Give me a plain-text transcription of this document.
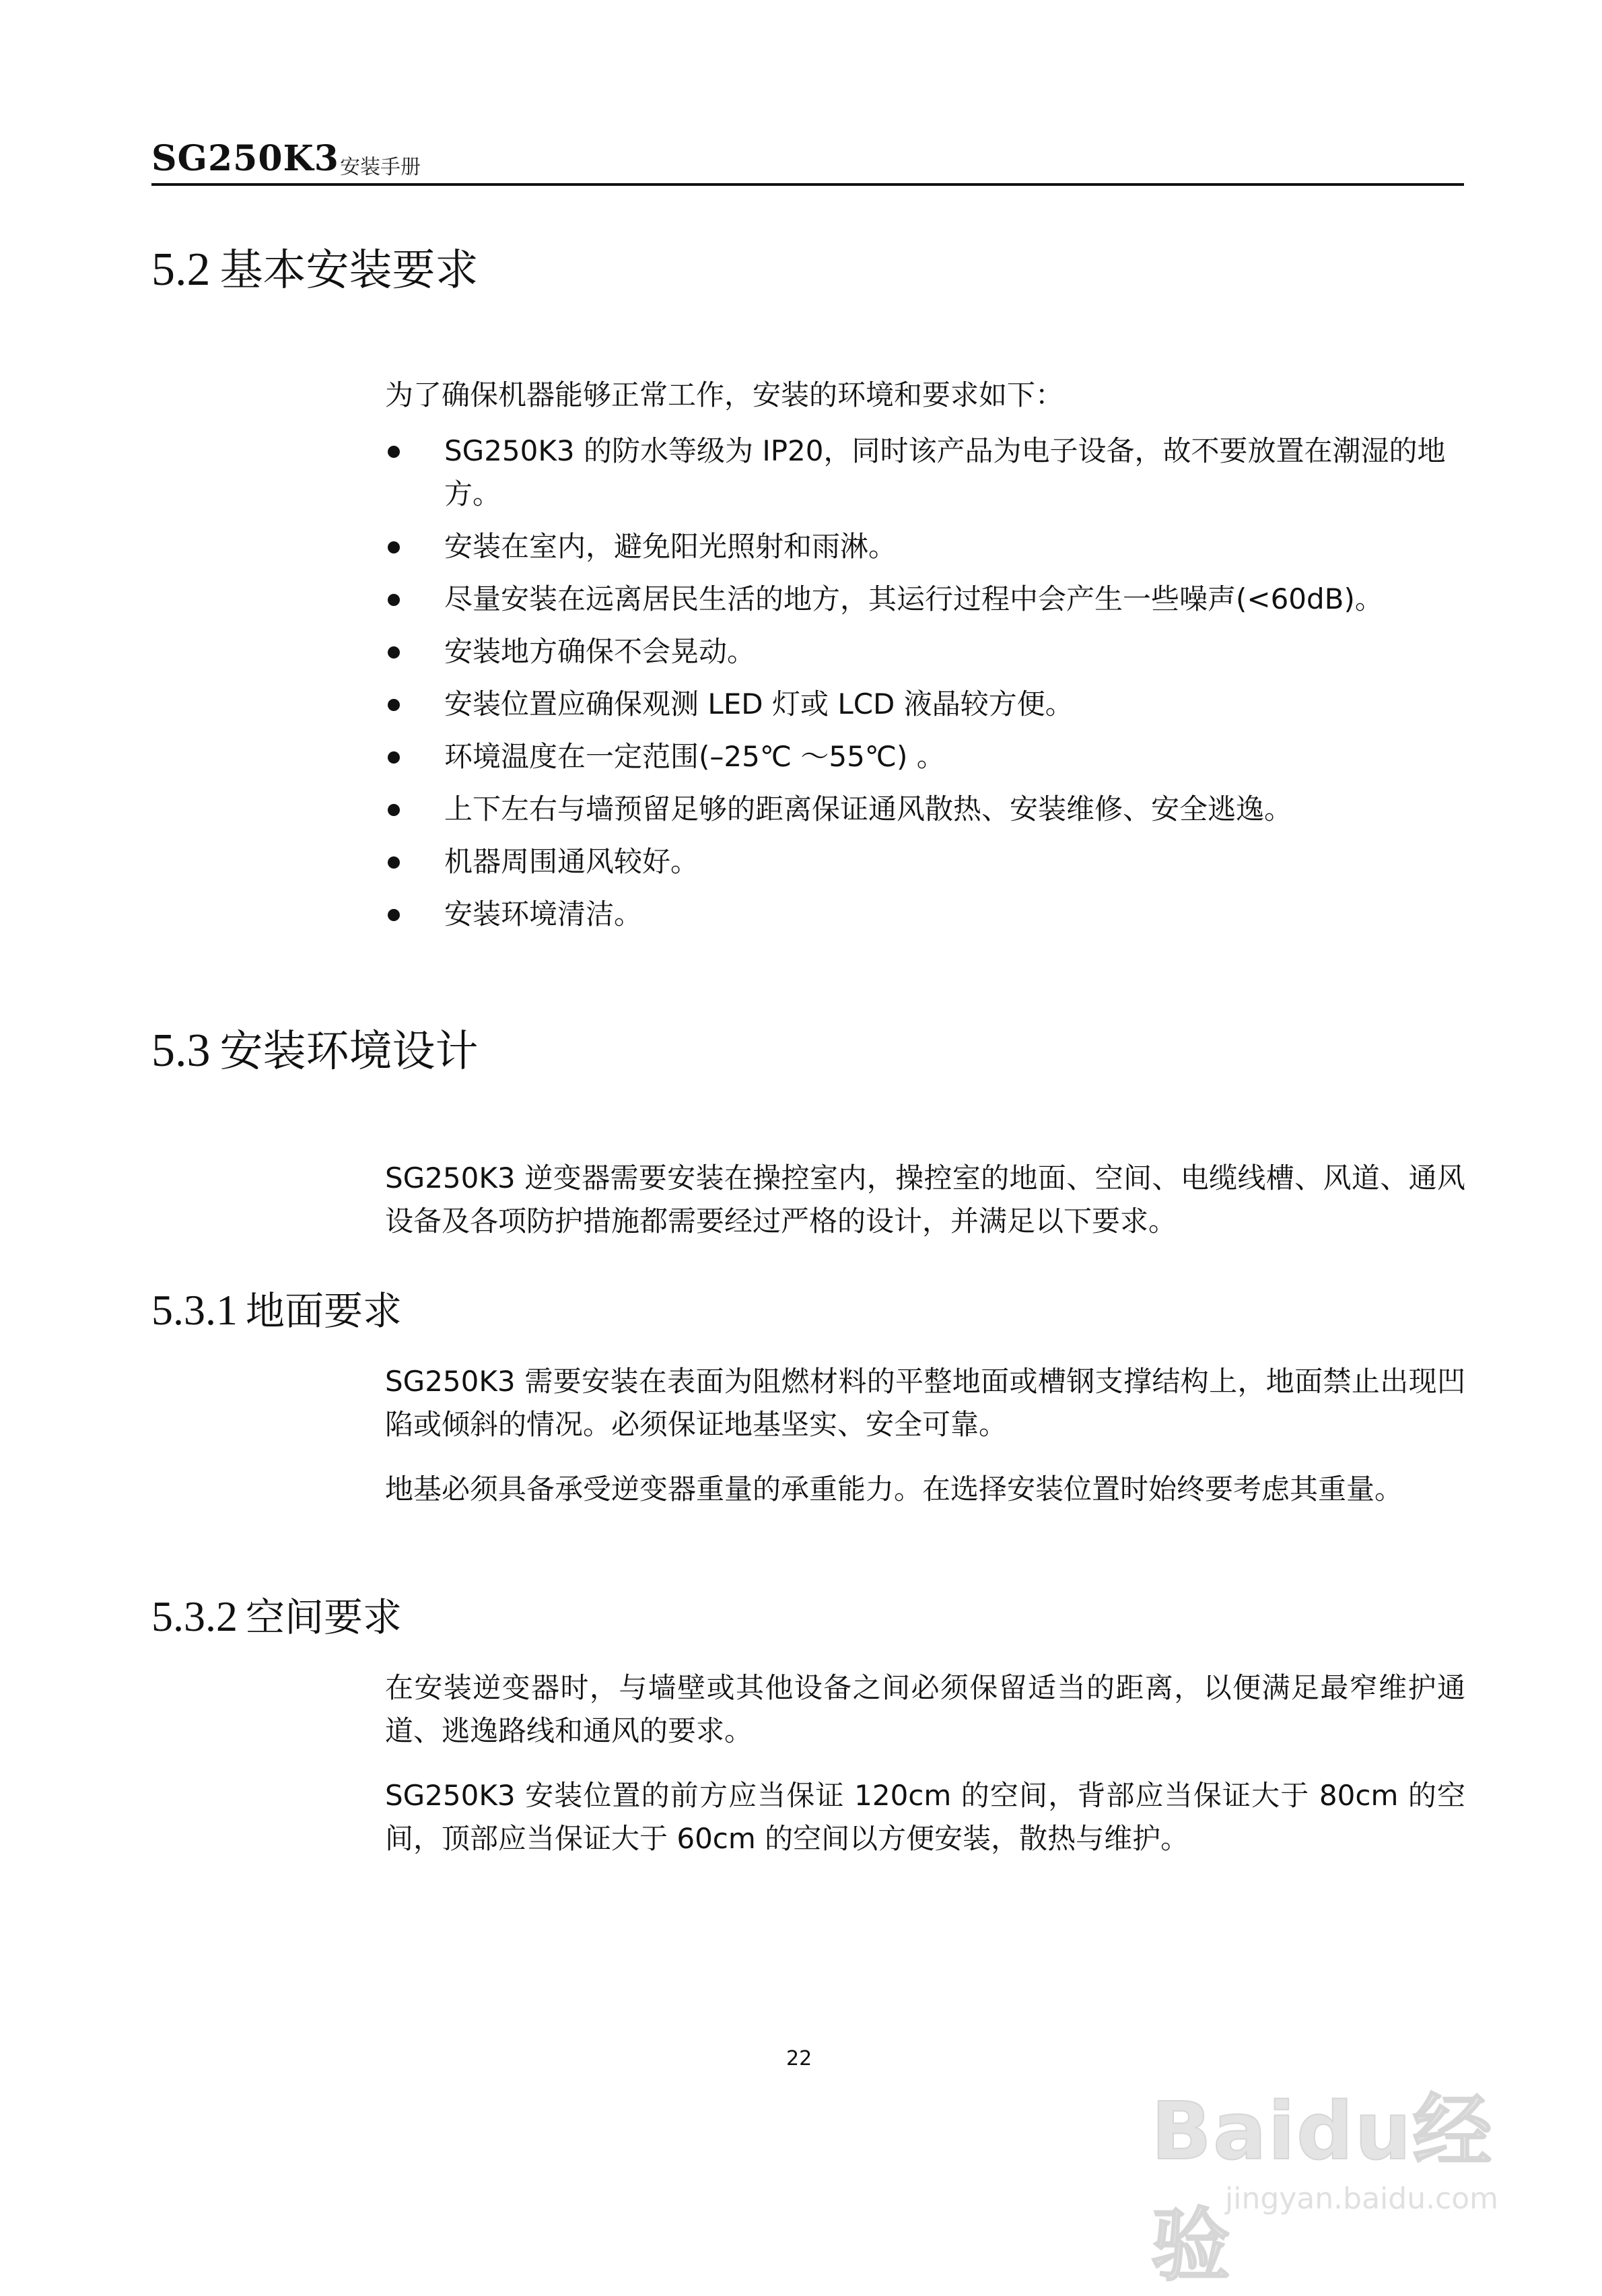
SG250K3 安装手册
5.2 基本安装要求
为了确保机器能够正常工作，安装的环境和要求如下：
SG250K3 的防水等级为 IP20，同时该产品为电子设备，故不要放置在潮湿的地方。
安装在室内，避免阳光照射和雨淋。
尽量安装在远离居民生活的地方，其运行过程中会产生一些噪声(<60dB)。
安装地方确保不会晃动。
安装位置应确保观测 LED 灯或 LCD 液晶较方便。
环境温度在一定范围(–25℃ ～55℃) 。
上下左右与墙预留足够的距离保证通风散热、安装维修、安全逃逸。
机器周围通风较好。
安装环境清洁。
5.3 安装环境设计
SG250K3 逆变器需要安装在操控室内，操控室的地面、空间、电缆线槽、风道、通风设备及各项防护措施都需要经过严格的设计，并满足以下要求。
5.3.1 地面要求
SG250K3 需要安装在表面为阻燃材料的平整地面或槽钢支撑结构上，地面禁止出现凹陷或倾斜的情况。必须保证地基坚实、安全可靠。
地基必须具备承受逆变器重量的承重能力。在选择安装位置时始终要考虑其重量。
5.3.2 空间要求
在安装逆变器时，与墙壁或其他设备之间必须保留适当的距离，以便满足最窄维护通道、逃逸路线和通风的要求。
SG250K3 安装位置的前方应当保证 120cm 的空间，背部应当保证大于 80cm 的空间，顶部应当保证大于 60cm 的空间以方便安装，散热与维护。
22
Baidu经验
jingyan.baidu.com
